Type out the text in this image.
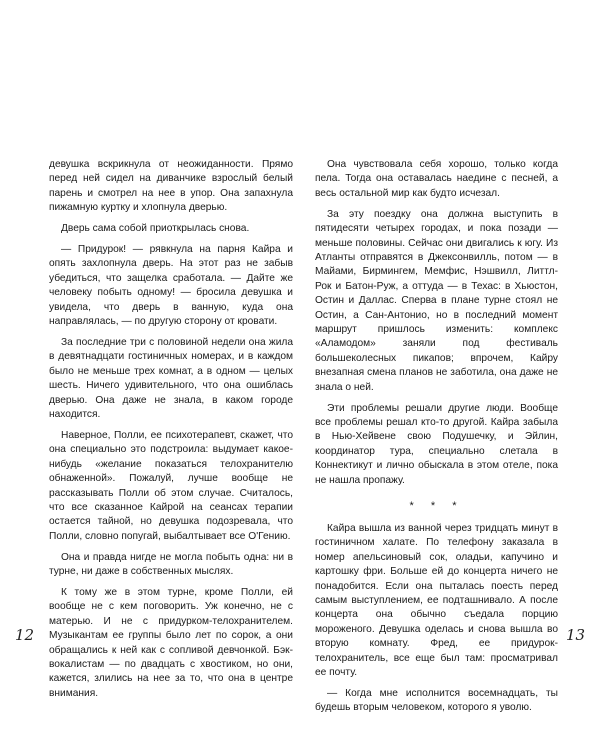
девушка вскрикнула от неожиданности. Прямо перед ней сидел на диванчике взрослый белый парень и смотрел на нее в упор. Она запахнула пижамную куртку и хлопнула дверью.

Дверь сама собой приоткрылась снова.

— Придурок! — рявкнула на парня Кайра и опять захлопнула дверь. На этот раз не забыв убедиться, что защелка сработала. — Дайте же человеку побыть одному! — бросила девушка и увидела, что дверь в ванную, куда она направлялась, — по другую сторону от кровати.

За последние три с половиной недели она жила в девятнадцати гостиничных номерах, и в каждом было не меньше трех комнат, а в одном — целых шесть. Ничего удивительного, что она ошиблась дверью. Она даже не знала, в каком городе находится.

Наверное, Полли, ее психотерапевт, скажет, что она специально это подстроила: выдумает какое-нибудь «желание показаться телохранителю обнаженной». Пожалуй, лучше вообще не рассказывать Полли об этом случае. Считалось, что все сказанное Кайрой на сеансах терапии остается тайной, но девушка подозревала, что Полли, словно попугай, выбалтывает все О'Гению.

Она и правда нигде не могла побыть одна: ни в турне, ни даже в собственных мыслях.

К тому же в этом турне, кроме Полли, ей вообще не с кем поговорить. Уж конечно, не с матерью. И не с придурком-телохранителем. Музыкантам ее группы было лет по сорок, а они обращались к ней как с сопливой девчонкой. Бэк-вокалистам — по двадцать с хвостиком, но они, кажется, злились на нее за то, что она в центре внимания.

Она чувствовала себя хорошо, только когда пела. Тогда она оставалась наедине с песней, а весь остальной мир как будто исчезал.

За эту поездку она должна выступить в пятидесяти четырех городах, и пока позади — меньше половины. Сейчас они двигались к югу. Из Атланты отправятся в Джексонвилль, потом — в Майами, Бирмингем, Мемфис, Нэшвилл, Литтл-Рок и Батон-Руж, а оттуда — в Техас: в Хьюстон, Остин и Даллас. Сперва в плане турне стоял не Остин, а Сан-Антонио, но в последний момент маршрут пришлось изменить: комплекс «Аламодом» заняли под фестиваль большеколесных пикапов; впрочем, Кайру внезапная смена планов не заботила, она даже не знала о ней.

Эти проблемы решали другие люди. Вообще все проблемы решал кто-то другой. Кайра забыла в Нью-Хейвене свою Подушечку, и Эйлин, координатор тура, специально слетала в Коннектикут и лично обыскала в этом отеле, пока не нашла пропажу.

* * *

Кайра вышла из ванной через тридцать минут в гостиничном халате. По телефону заказала в номер апельсиновый сок, оладьи, капучино и картошку фри. Больше ей до концерта ничего не понадобится. Если она пыталась поесть перед самым выступлением, ее подташнивало. А после концерта она обычно съедала порцию мороженого. Девушка оделась и снова вышла во вторую комнату. Фред, ее придурок-телохранитель, все еще был там: просматривал ее почту.

— Когда мне исполнится восемнадцать, ты будешь вторым человеком, которого я уволю.

12	13
